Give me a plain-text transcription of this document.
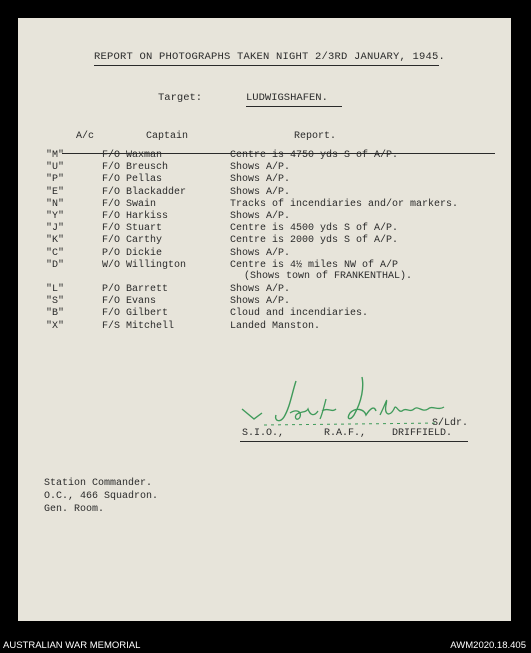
REPORT ON PHOTOGRAPHS TAKEN NIGHT 2/3RD JANUARY, 1945.
Target:	LUDWIGSHAFEN.
A/c	Captain	Report.
"M"	F/O Waxman	Centre is 4750 yds S of A/P.
"U"	F/O Breusch	Shows A/P.
"P"	F/O Pellas	Shows A/P.
"E"	F/O Blackadder	Shows A/P.
"N"	F/O Swain	Tracks of incendiaries and/or markers.
"Y"	F/O Harkiss	Shows A/P.
"J"	F/O Stuart	Centre is 4500 yds S of A/P.
"K"	F/O Carthy	Centre is 2000 yds S of A/P.
"C"	P/O Dickie	Shows A/P.
"D"	W/O Willington	Centre is 4½ miles NW of A/P
(Shows town of FRANKENTHAL).
"L"	P/O Barrett	Shows A/P.
"S"	F/O Evans	Shows A/P.
"B"	F/O Gilbert	Cloud and incendiaries.
"X"	F/S Mitchell	Landed Manston.
S/Ldr.
S.I.O.,	R.A.F.,	DRIFFIELD.
Station Commander.
O.C., 466 Squadron.
Gen. Room.
AUSTRALIAN WAR MEMORIAL	AWM2020.18.405
